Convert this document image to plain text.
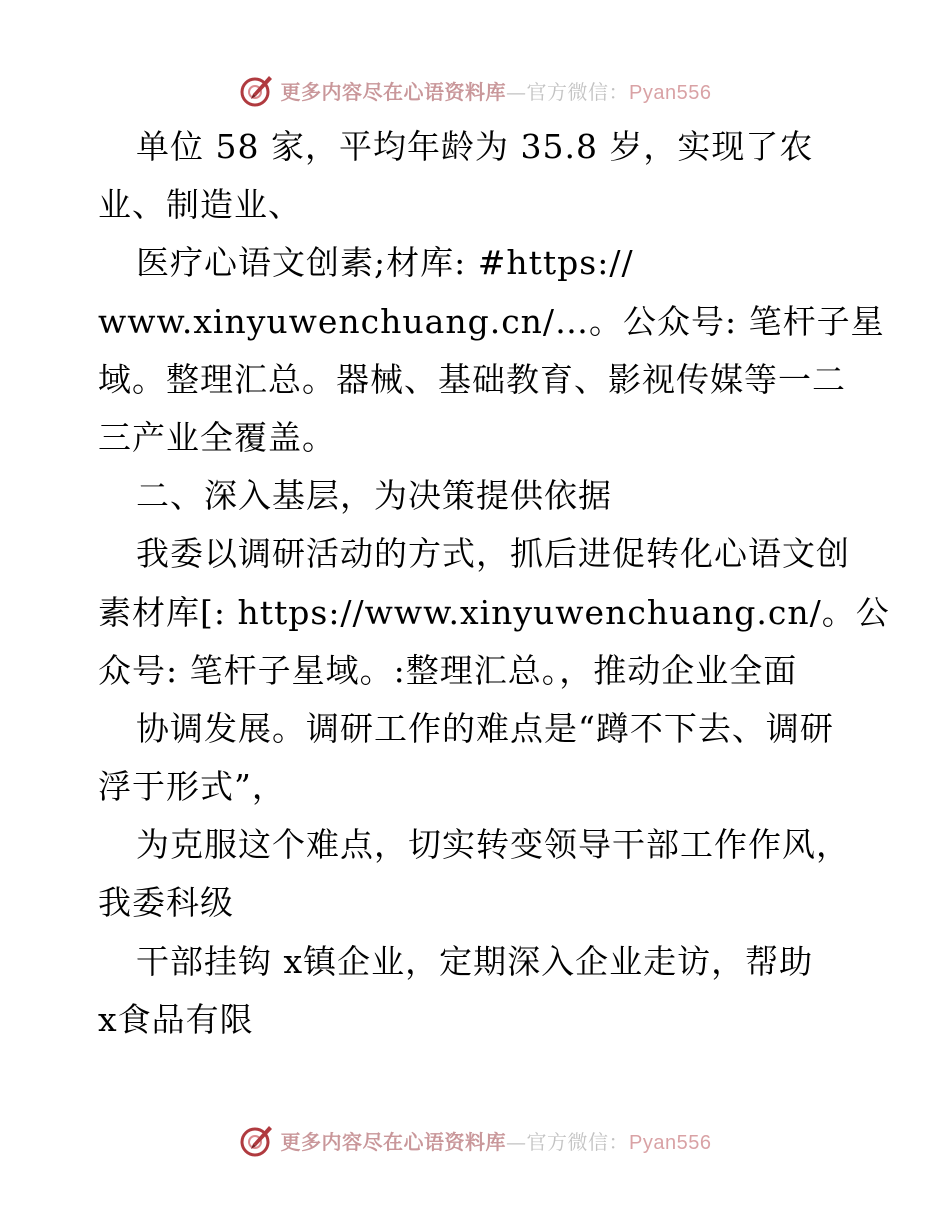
更多内容尽在心语资料库—官方微信：Pyan556
单位 58 家，平均年龄为 35.8 岁，实现了农
业、制造业、
医疗心语文创素;材库: #https://
www.xinyuwenchuang.cn/…。公众号: 笔杆子星
域。整理汇总。器械、基础教育、影视传媒等一二
三产业全覆盖。
二、深入基层，为决策提供依据
我委以调研活动的方式，抓后进促转化心语文创
素材库[: https://www.xinyuwenchuang.cn/。公
众号: 笔杆子星域。:整理汇总。，推动企业全面
协调发展。调研工作的难点是“蹲不下去、调研
浮于形式”，
为克服这个难点，切实转变领导干部工作作风，
我委科级
干部挂钩 x镇企业，定期深入企业走访，帮助
x食品有限
更多内容尽在心语资料库—官方微信：Pyan556
